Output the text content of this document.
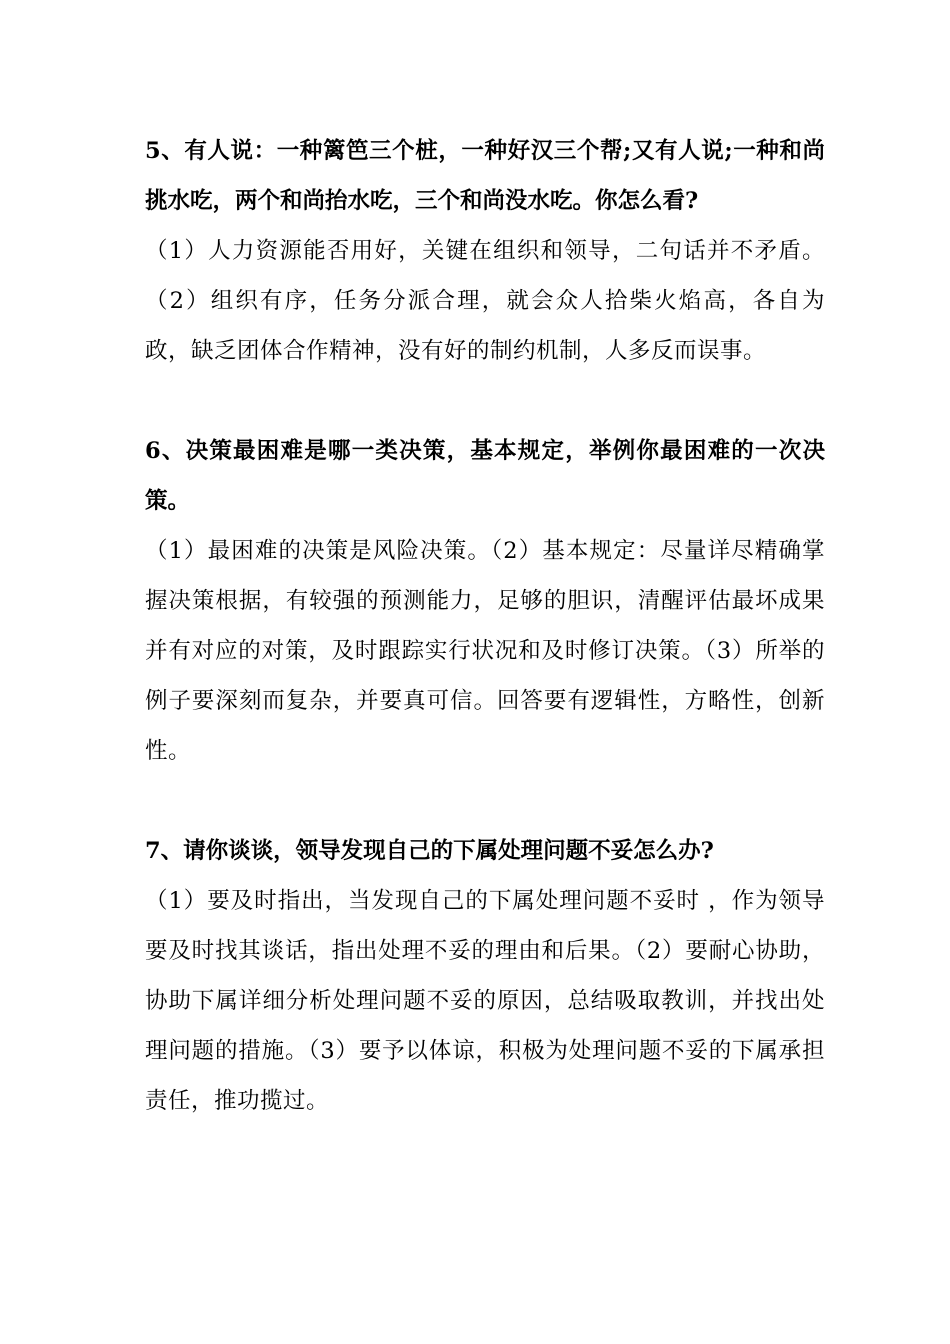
5、有人说：一种篱笆三个桩，一种好汉三个帮;又有人说;一种和尚挑水吃，两个和尚抬水吃，三个和尚没水吃。你怎么看?

（1）人力资源能否用好，关键在组织和领导，二句话并不矛盾。（2）组织有序，任务分派合理，就会众人拾柴火焰高，各自为政，缺乏团体合作精神，没有好的制约机制，人多反而误事。

6、决策最困难是哪一类决策，基本规定，举例你最困难的一次决策。

（1）最困难的决策是风险决策。（2）基本规定：尽量详尽精确掌握决策根据，有较强的预测能力，足够的胆识，清醒评估最坏成果并有对应的对策，及时跟踪实行状况和及时修订决策。（3）所举的例子要深刻而复杂，并要真可信。回答要有逻辑性，方略性，创新性。

7、请你谈谈，领导发现自己的下属处理问题不妥怎么办?

（1）要及时指出，当发现自己的下属处理问题不妥时 ，作为领导要及时找其谈话，指出处理不妥的理由和后果。（2）要耐心协助，协助下属详细分析处理问题不妥的原因，总结吸取教训，并找出处理问题的措施。（3）要予以体谅，积极为处理问题不妥的下属承担责任，推功揽过。
